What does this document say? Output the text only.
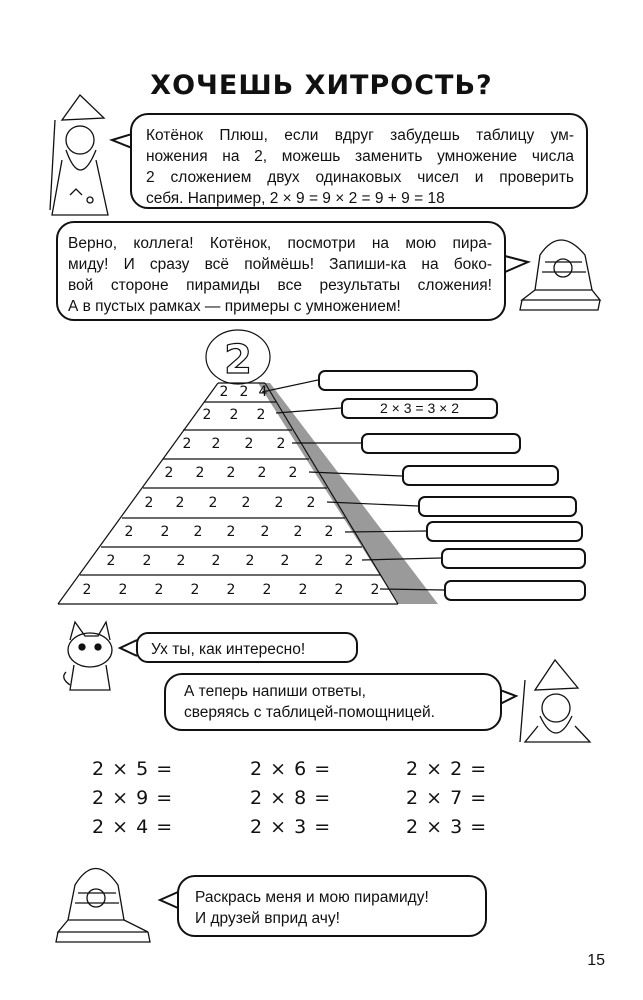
ХОЧЕШЬ ХИТРОСТЬ?
2

Котёнок Плюш, если вдруг забудешь таблицу ум-

ножения на 2, можешь заменить умножение числа

2 сложением двух одинаковых чисел и проверить

себя. Например, 2 × 9 = 9 × 2 = 9 + 9 = 18

Верно, коллега! Котёнок, посмотри на мою пира-

миду! И сразу всё поймёшь! Запиши-ка на боко-

вой стороне пирамиды все результаты сложения!

А в пустых рамках — примеры с умножением!

2 2 4
2	2	2
2	2	2	2
2	2	2	2	2
2	2	2	2	2	2
2	2	2	2	2	2	2
2	2	2	2	2	2	2	2
2	2	2	2	2	2	2	2	2
2 × 3 = 3 × 2

Ух ты, как интересно!

А теперь напиши ответы,

сверяясь с таблицей-помощницей.

2 × 5 =	2 × 6 =	2 × 2 =
2 × 9 =	2 × 8 =	2 × 7 =
2 × 4 =	2 × 3 =	2 × 3 =

Раскрась меня и мою пирамиду!

И друзей вприд ачу!

15
